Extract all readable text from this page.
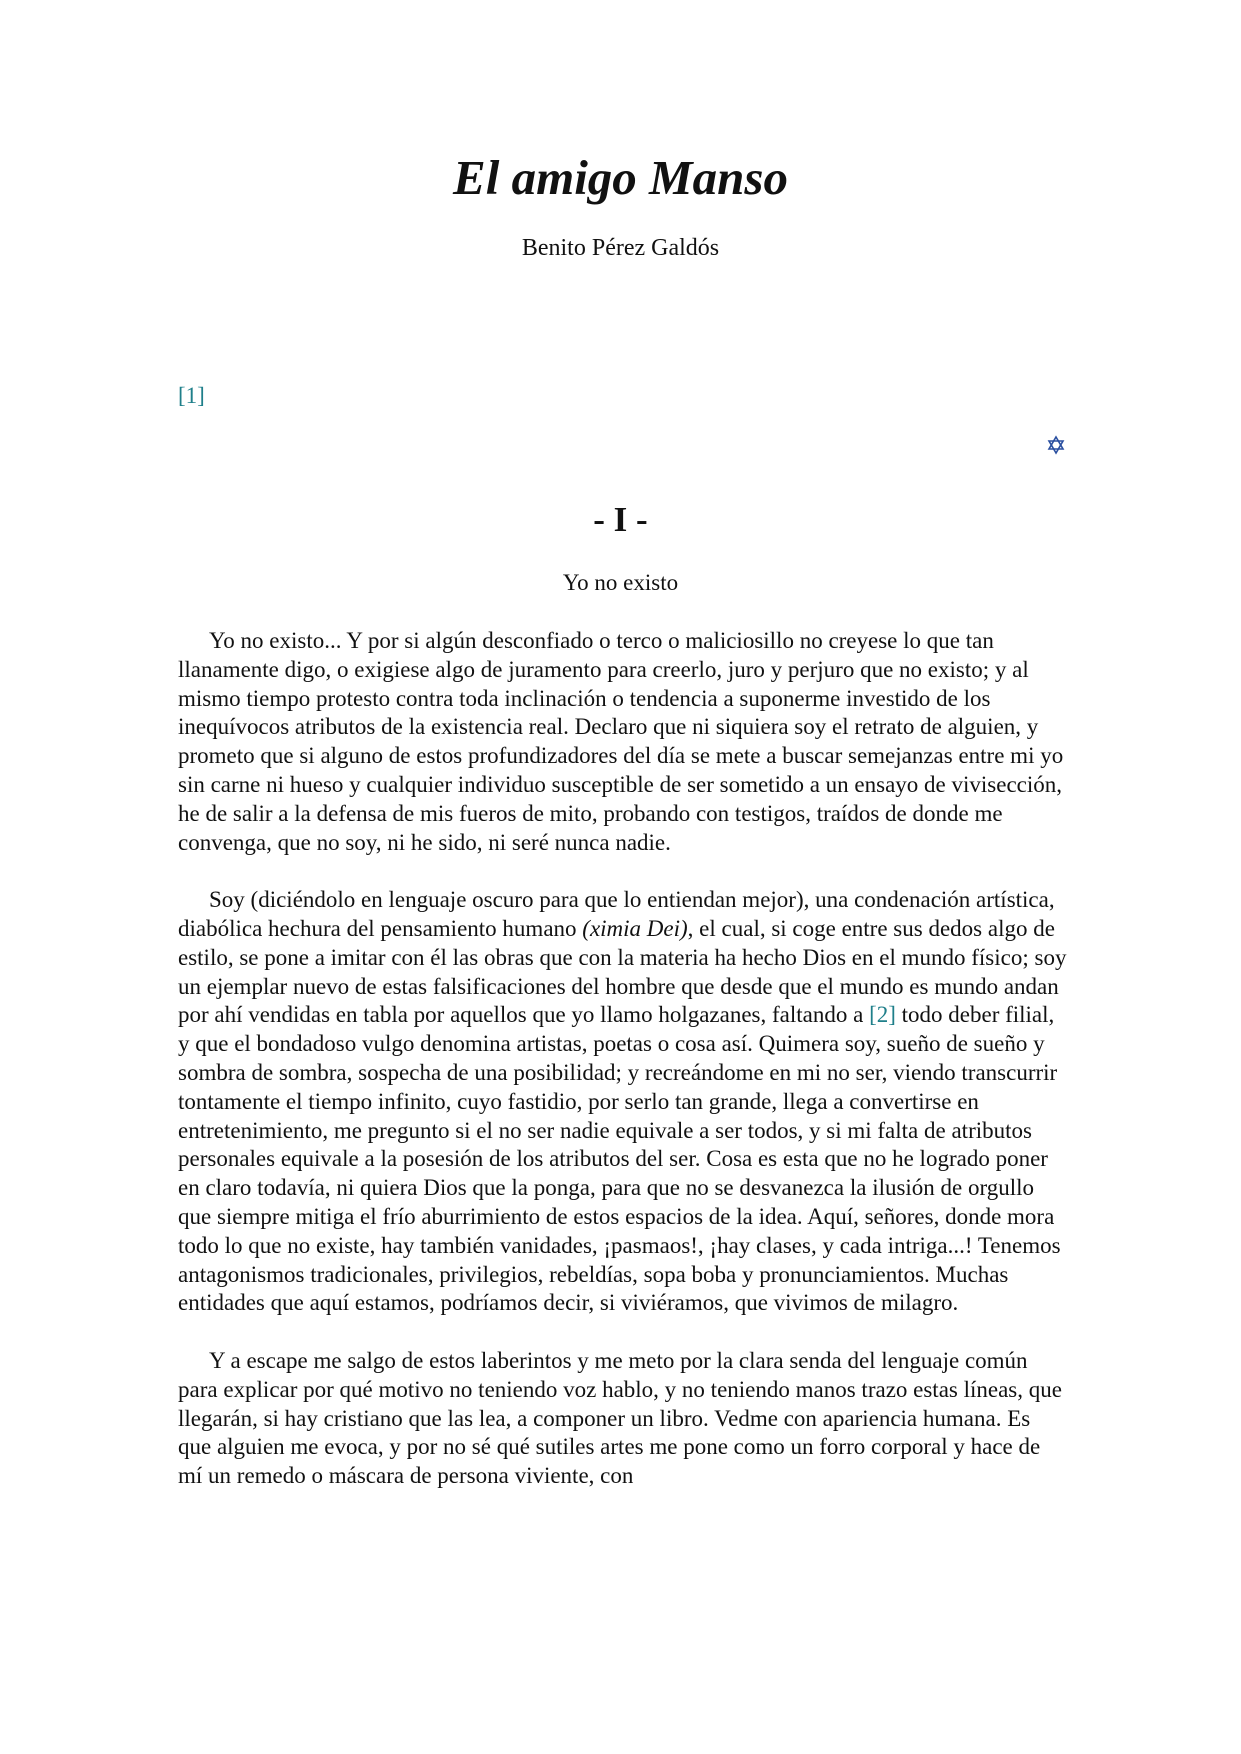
El amigo Manso
Benito Pérez Galdós
[1]
- I -
Yo no existo

Yo no existo... Y por si algún desconfiado o terco o maliciosillo no creyese lo que tan llanamente digo, o exigiese algo de juramento para creerlo, juro y perjuro que no existo; y al mismo tiempo protesto contra toda inclinación o tendencia a suponerme investido de los inequívocos atributos de la existencia real. Declaro que ni siquiera soy el retrato de alguien, y prometo que si alguno de estos profundizadores del día se mete a buscar semejanzas entre mi yo sin carne ni hueso y cualquier individuo susceptible de ser sometido a un ensayo de vivisección, he de salir a la defensa de mis fueros de mito, probando con testigos, traídos de donde me convenga, que no soy, ni he sido, ni seré nunca nadie.

Soy (diciéndolo en lenguaje oscuro para que lo entiendan mejor), una condenación artística, diabólica hechura del pensamiento humano (ximia Dei), el cual, si coge entre sus dedos algo de estilo, se pone a imitar con él las obras que con la materia ha hecho Dios en el mundo físico; soy un ejemplar nuevo de estas falsificaciones del hombre que desde que el mundo es mundo andan por ahí vendidas en tabla por aquellos que yo llamo holgazanes, faltando a [2] todo deber filial, y que el bondadoso vulgo denomina artistas, poetas o cosa así. Quimera soy, sueño de sueño y sombra de sombra, sospecha de una posibilidad; y recreándome en mi no ser, viendo transcurrir tontamente el tiempo infinito, cuyo fastidio, por serlo tan grande, llega a convertirse en entretenimiento, me pregunto si el no ser nadie equivale a ser todos, y si mi falta de atributos personales equivale a la posesión de los atributos del ser. Cosa es esta que no he logrado poner en claro todavía, ni quiera Dios que la ponga, para que no se desvanezca la ilusión de orgullo que siempre mitiga el frío aburrimiento de estos espacios de la idea. Aquí, señores, donde mora todo lo que no existe, hay también vanidades, ¡pasmaos!, ¡hay clases, y cada intriga...! Tenemos antagonismos tradicionales, privilegios, rebeldías, sopa boba y pronunciamientos. Muchas entidades que aquí estamos, podríamos decir, si viviéramos, que vivimos de milagro.

Y a escape me salgo de estos laberintos y me meto por la clara senda del lenguaje común para explicar por qué motivo no teniendo voz hablo, y no teniendo manos trazo estas líneas, que llegarán, si hay cristiano que las lea, a componer un libro. Vedme con apariencia humana. Es que alguien me evoca, y por no sé qué sutiles artes me pone como un forro corporal y hace de mí un remedo o máscara de persona viviente, con
